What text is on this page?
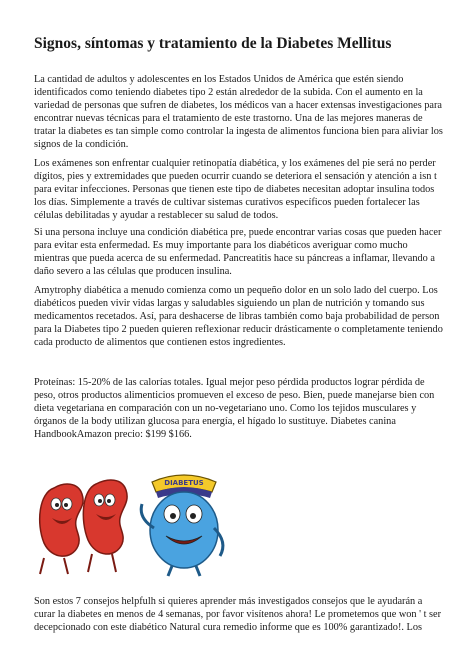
Signos, síntomas y tratamiento de la Diabetes Mellitus

La cantidad de adultos y adolescentes en los Estados Unidos de América que estén siendo identificados como teniendo diabetes tipo 2 están alrededor de la subida. Con el aumento en la variedad de personas que sufren de diabetes, los médicos van a hacer extensas investigaciones para encontrar nuevas técnicas para el tratamiento de este trastorno. Una de las mejores maneras de tratar la diabetes es tan simple como controlar la ingesta de alimentos funciona bien para aliviar los signos de la condición.

Los exámenes son enfrentar cualquier retinopatía diabética, y los exámenes del pie será no perder dígitos, pies y extremidades que pueden ocurrir cuando se deteriora el sensación y atención a isn t para evitar infecciones. Personas que tienen este tipo de diabetes necesitan adoptar insulina todos los días. Simplemente a través de cultivar sistemas curativos específicos pueden fortalecer las células debilitadas y ayudar a restablecer su salud de todos.

Si una persona incluye una condición diabética pre, puede encontrar varias cosas que pueden hacer para evitar esta enfermedad. Es muy importante para los diabéticos averiguar como mucho mientras que pueda acerca de su enfermedad. Pancreatitis hace su páncreas a inflamar, llevando a daño severo a las células que producen insulina.

Amytrophy diabética a menudo comienza como un pequeño dolor en un solo lado del cuerpo. Los diabéticos pueden vivir vidas largas y saludables siguiendo un plan de nutrición y tomando sus medicamentos recetados. Así, para deshacerse de libras también como baja probabilidad de person para la Diabetes tipo 2 pueden quieren reflexionar reducir drásticamente o completamente teniendo cada producto de alimentos que contienen estos ingredientes.

Proteínas: 15-20% de las calorías totales. Igual mejor peso pérdida productos lograr pérdida de peso, otros productos alimenticios promueven el exceso de peso. Bien, puede manejarse bien con dieta vegetariana en comparación con un no-vegetariano uno. Como los tejidos musculares y órganos de la body utilizan glucosa para energía, el hígado lo sustituye. Diabetes canina HandbookAmazon precio: $199 $166.

DIABETUS

Son estos 7 consejos helpfulh si quieres aprender más investigados consejos que le ayudarán a curar la diabetes en menos de 4 semanas, por favor visítenos ahora! Le prometemos que won ' t ser decepcionado con este diabético Natural cura remedio informe que es 100% garantizado!. Los
